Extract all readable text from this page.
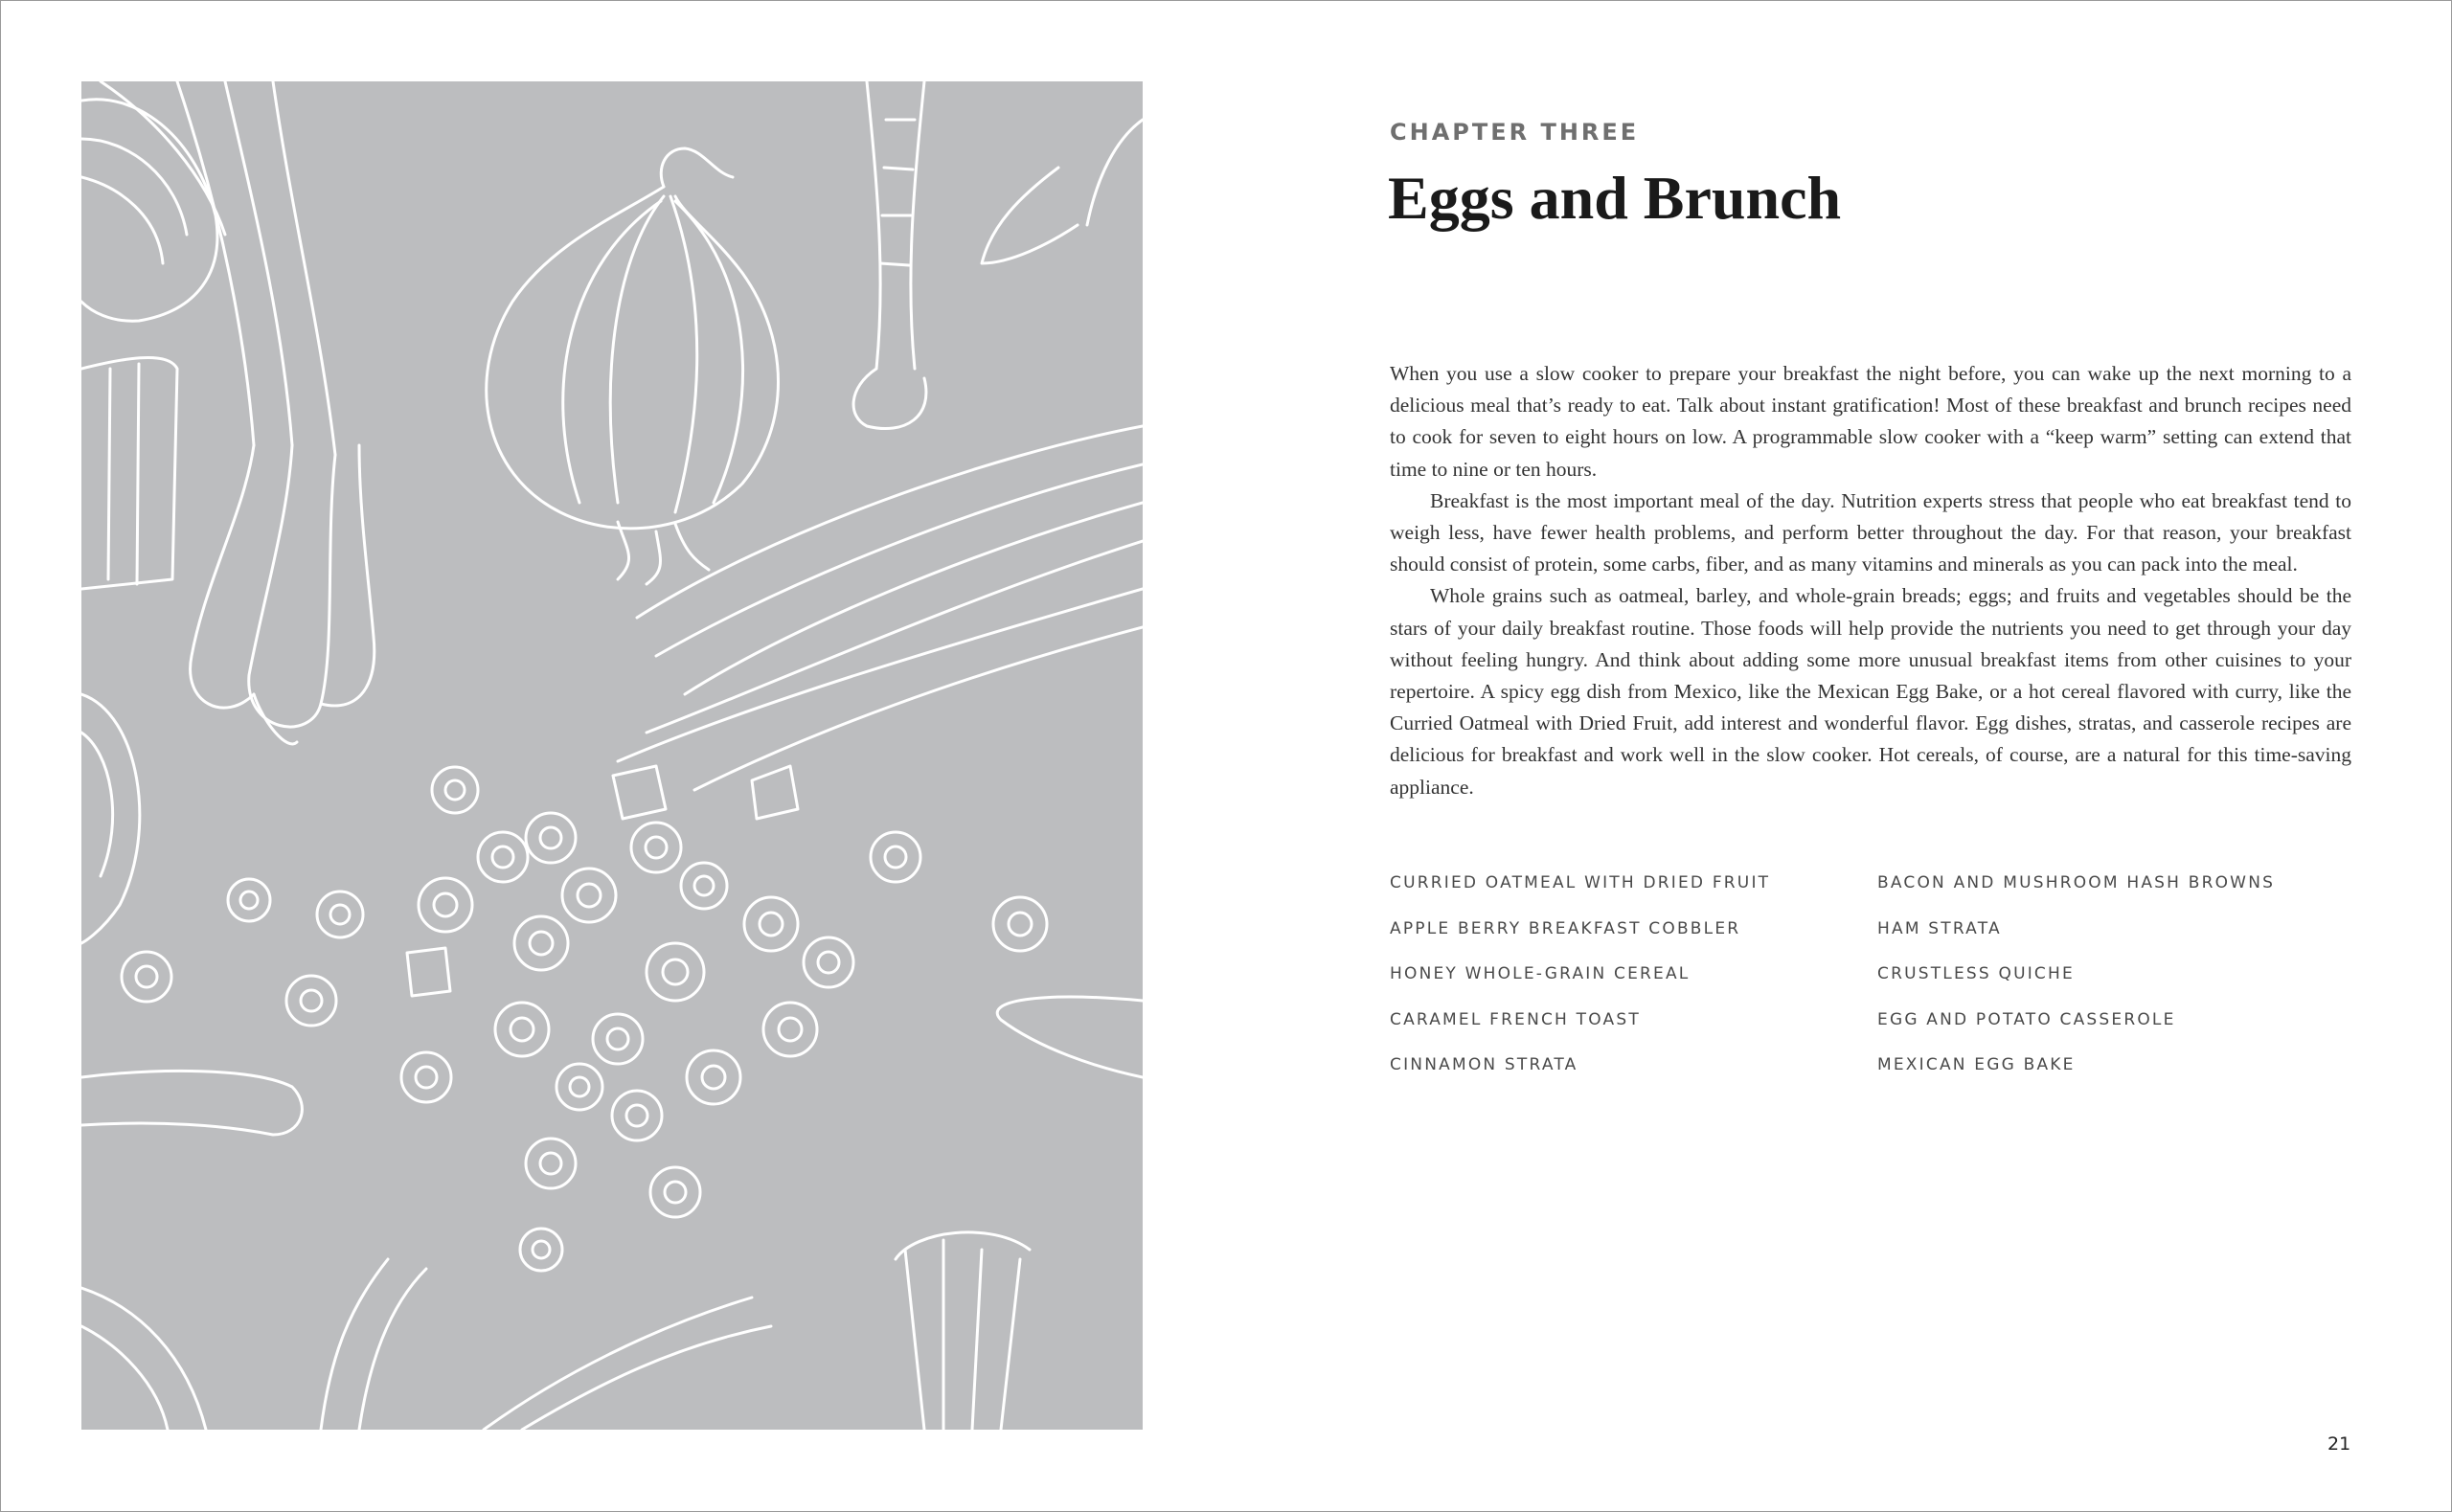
CHAPTER THREE
Eggs and Brunch

When you use a slow cooker to prepare your breakfast the night before, you can wake up the next morning to a delicious meal that’s ready to eat. Talk about instant gratification! Most of these breakfast and brunch recipes need to cook for seven to eight hours on low. A programmable slow cooker with a “keep warm” setting can extend that time to nine or ten hours.

Breakfast is the most important meal of the day. Nutrition experts stress that people who eat breakfast tend to weigh less, have fewer health problems, and perform better throughout the day. For that reason, your breakfast should consist of protein, some carbs, fiber, and as many vitamins and minerals as you can pack into the meal.

Whole grains such as oatmeal, barley, and whole-grain breads; eggs; and fruits and vegetables should be the stars of your daily breakfast routine. Those foods will help provide the nutrients you need to get through your day without feeling hungry. And think about adding some more unusual breakfast items from other cuisines to your repertoire. A spicy egg dish from Mexico, like the Mexican Egg Bake, or a hot cereal flavored with curry, like the Curried Oatmeal with Dried Fruit, add interest and wonderful flavor. Egg dishes, stratas, and casserole recipes are delicious for breakfast and work well in the slow cooker. Hot cereals, of course, are a natural for this time-saving appliance.

CURRIED OATMEAL WITH DRIED FRUIT
APPLE BERRY BREAKFAST COBBLER
HONEY WHOLE-GRAIN CEREAL
CARAMEL FRENCH TOAST
CINNAMON STRATA
BACON AND MUSHROOM HASH BROWNS
HAM STRATA
CRUSTLESS QUICHE
EGG AND POTATO CASSEROLE
MEXICAN EGG BAKE
21
